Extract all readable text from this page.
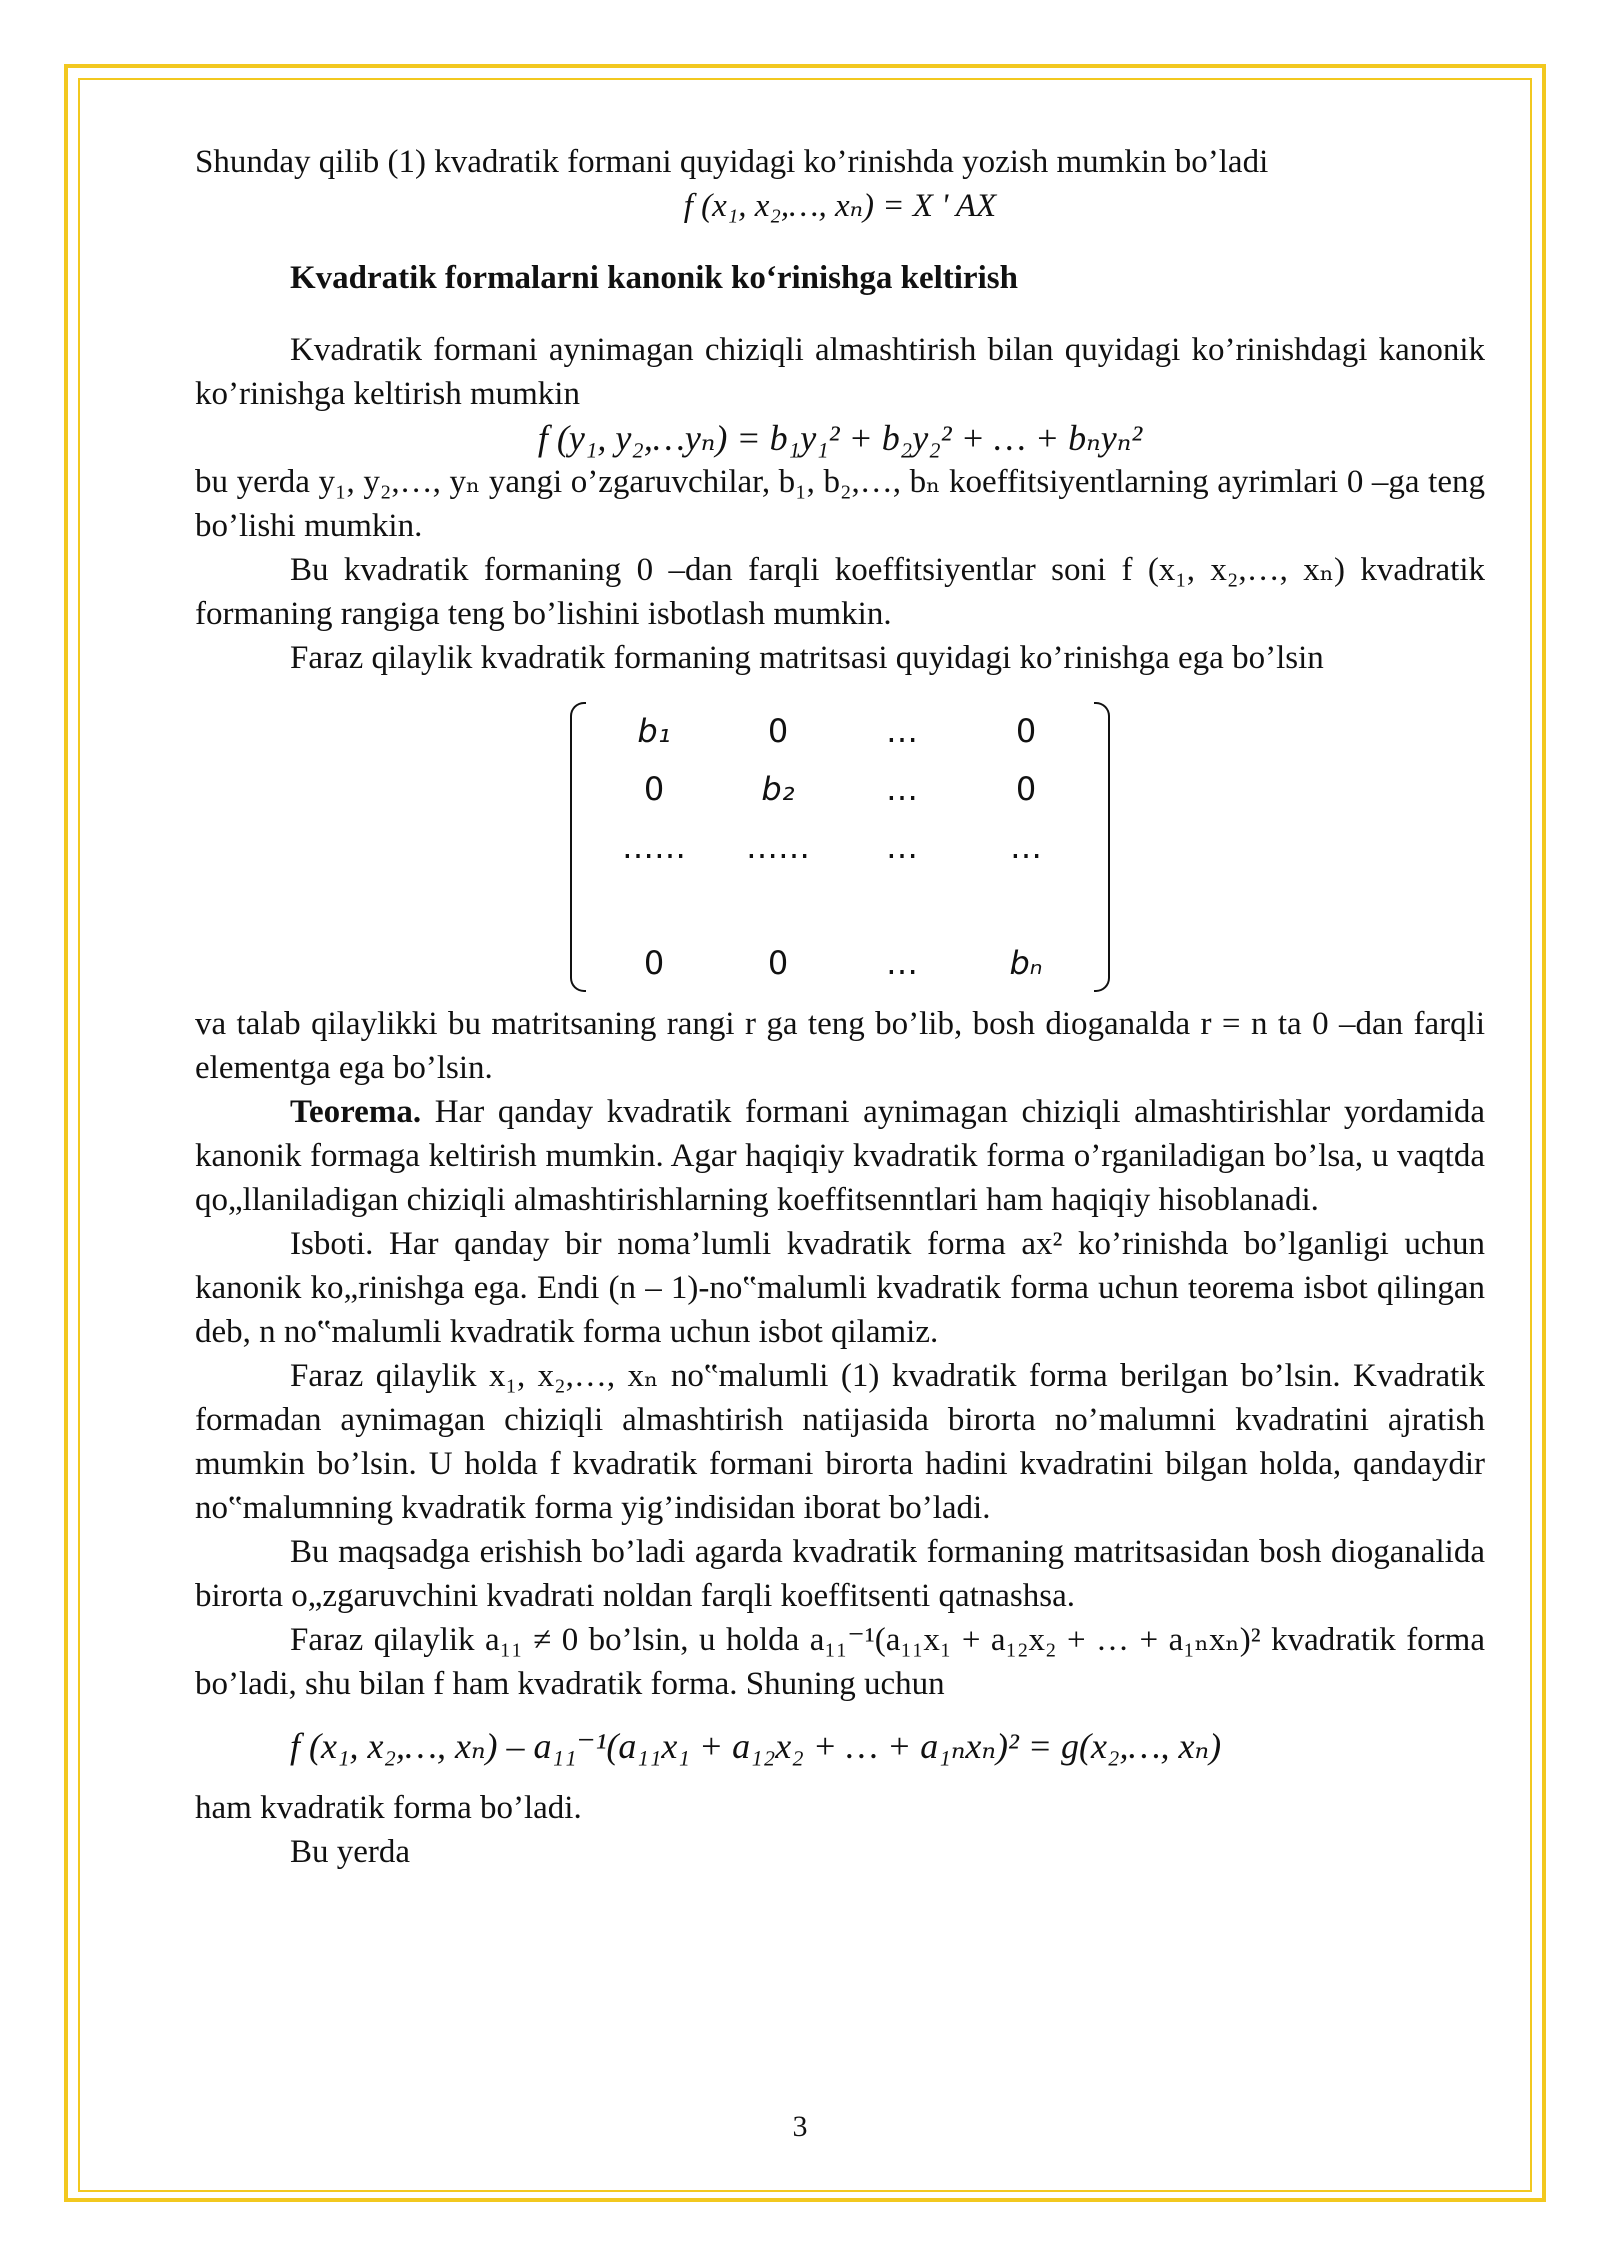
Shunday qilib (1) kvadratik formani quyidagi ko’rinishda yozish mumkin bo’ladi

f (x₁, x₂,…, xₙ) = X ' AX

Kvadratik formalarni kanonik ko‘rinishga keltirish

Kvadratik formani aynimagan chiziqli almashtirish bilan quyidagi ko’rinishdagi kanonik ko’rinishga keltirish mumkin

f (y₁, y₂,…yₙ) = b₁y₁² + b₂y₂² + … + bₙyₙ²

bu yerda y₁, y₂,…, yₙ yangi o’zgaruvchilar, b₁, b₂,…, bₙ koeffitsiyentlarning ayrimlari 0 –ga teng bo’lishi mumkin.

Bu kvadratik formaning 0 –dan farqli koeffitsiyentlar soni f (x₁, x₂,…, xₙ) kvadratik formaning rangiga teng bo’lishini isbotlash mumkin.

Faraz qilaylik kvadratik formaning matritsasi quyidagi ko’rinishga ega bo’lsin

b₁	0	…	0
0	b₂	…	0
……	……	…	…

0	0	…	bₙ

va talab qilaylikki bu matritsaning rangi r ga teng bo’lib, bosh dioganalda r = n ta 0 –dan farqli elementga ega bo’lsin.

Teorema. Har qanday kvadratik formani aynimagan chiziqli almashtirishlar yordamida kanonik formaga keltirish mumkin. Agar haqiqiy kvadratik forma o’rganiladigan bo’lsa, u vaqtda qo„llaniladigan chiziqli almashtirishlarning koeffitsenntlari ham haqiqiy hisoblanadi.

Isboti. Har qanday bir noma’lumli kvadratik forma ax² ko’rinishda bo’lganligi uchun kanonik ko„rinishga ega. Endi (n – 1)-no‟malumli kvadratik forma uchun teorema isbot qilingan deb, n no‟malumli kvadratik forma uchun isbot qilamiz.

Faraz qilaylik x₁, x₂,…, xₙ no‟malumli (1) kvadratik forma berilgan bo’lsin. Kvadratik formadan aynimagan chiziqli almashtirish natijasida birorta no’malumni kvadratini ajratish mumkin bo’lsin. U holda f kvadratik formani birorta hadini kvadratini bilgan holda, qandaydir no‟malumning kvadratik forma yig’indisidan iborat bo’ladi.

Bu maqsadga erishish bo’ladi agarda kvadratik formaning matritsasidan bosh dioganalida birorta o„zgaruvchini kvadrati noldan farqli koeffitsenti qatnashsa.

Faraz qilaylik a₁₁ ≠ 0 bo’lsin, u holda a₁₁⁻¹(a₁₁x₁ + a₁₂x₂ + … + a₁ₙxₙ)² kvadratik forma bo’ladi, shu bilan f ham kvadratik forma. Shuning uchun

f (x₁, x₂,…, xₙ) – a₁₁⁻¹(a₁₁x₁ + a₁₂x₂ + … + a₁ₙxₙ)² = g(x₂,…, xₙ)

ham kvadratik forma bo’ladi.

Bu yerda

3
